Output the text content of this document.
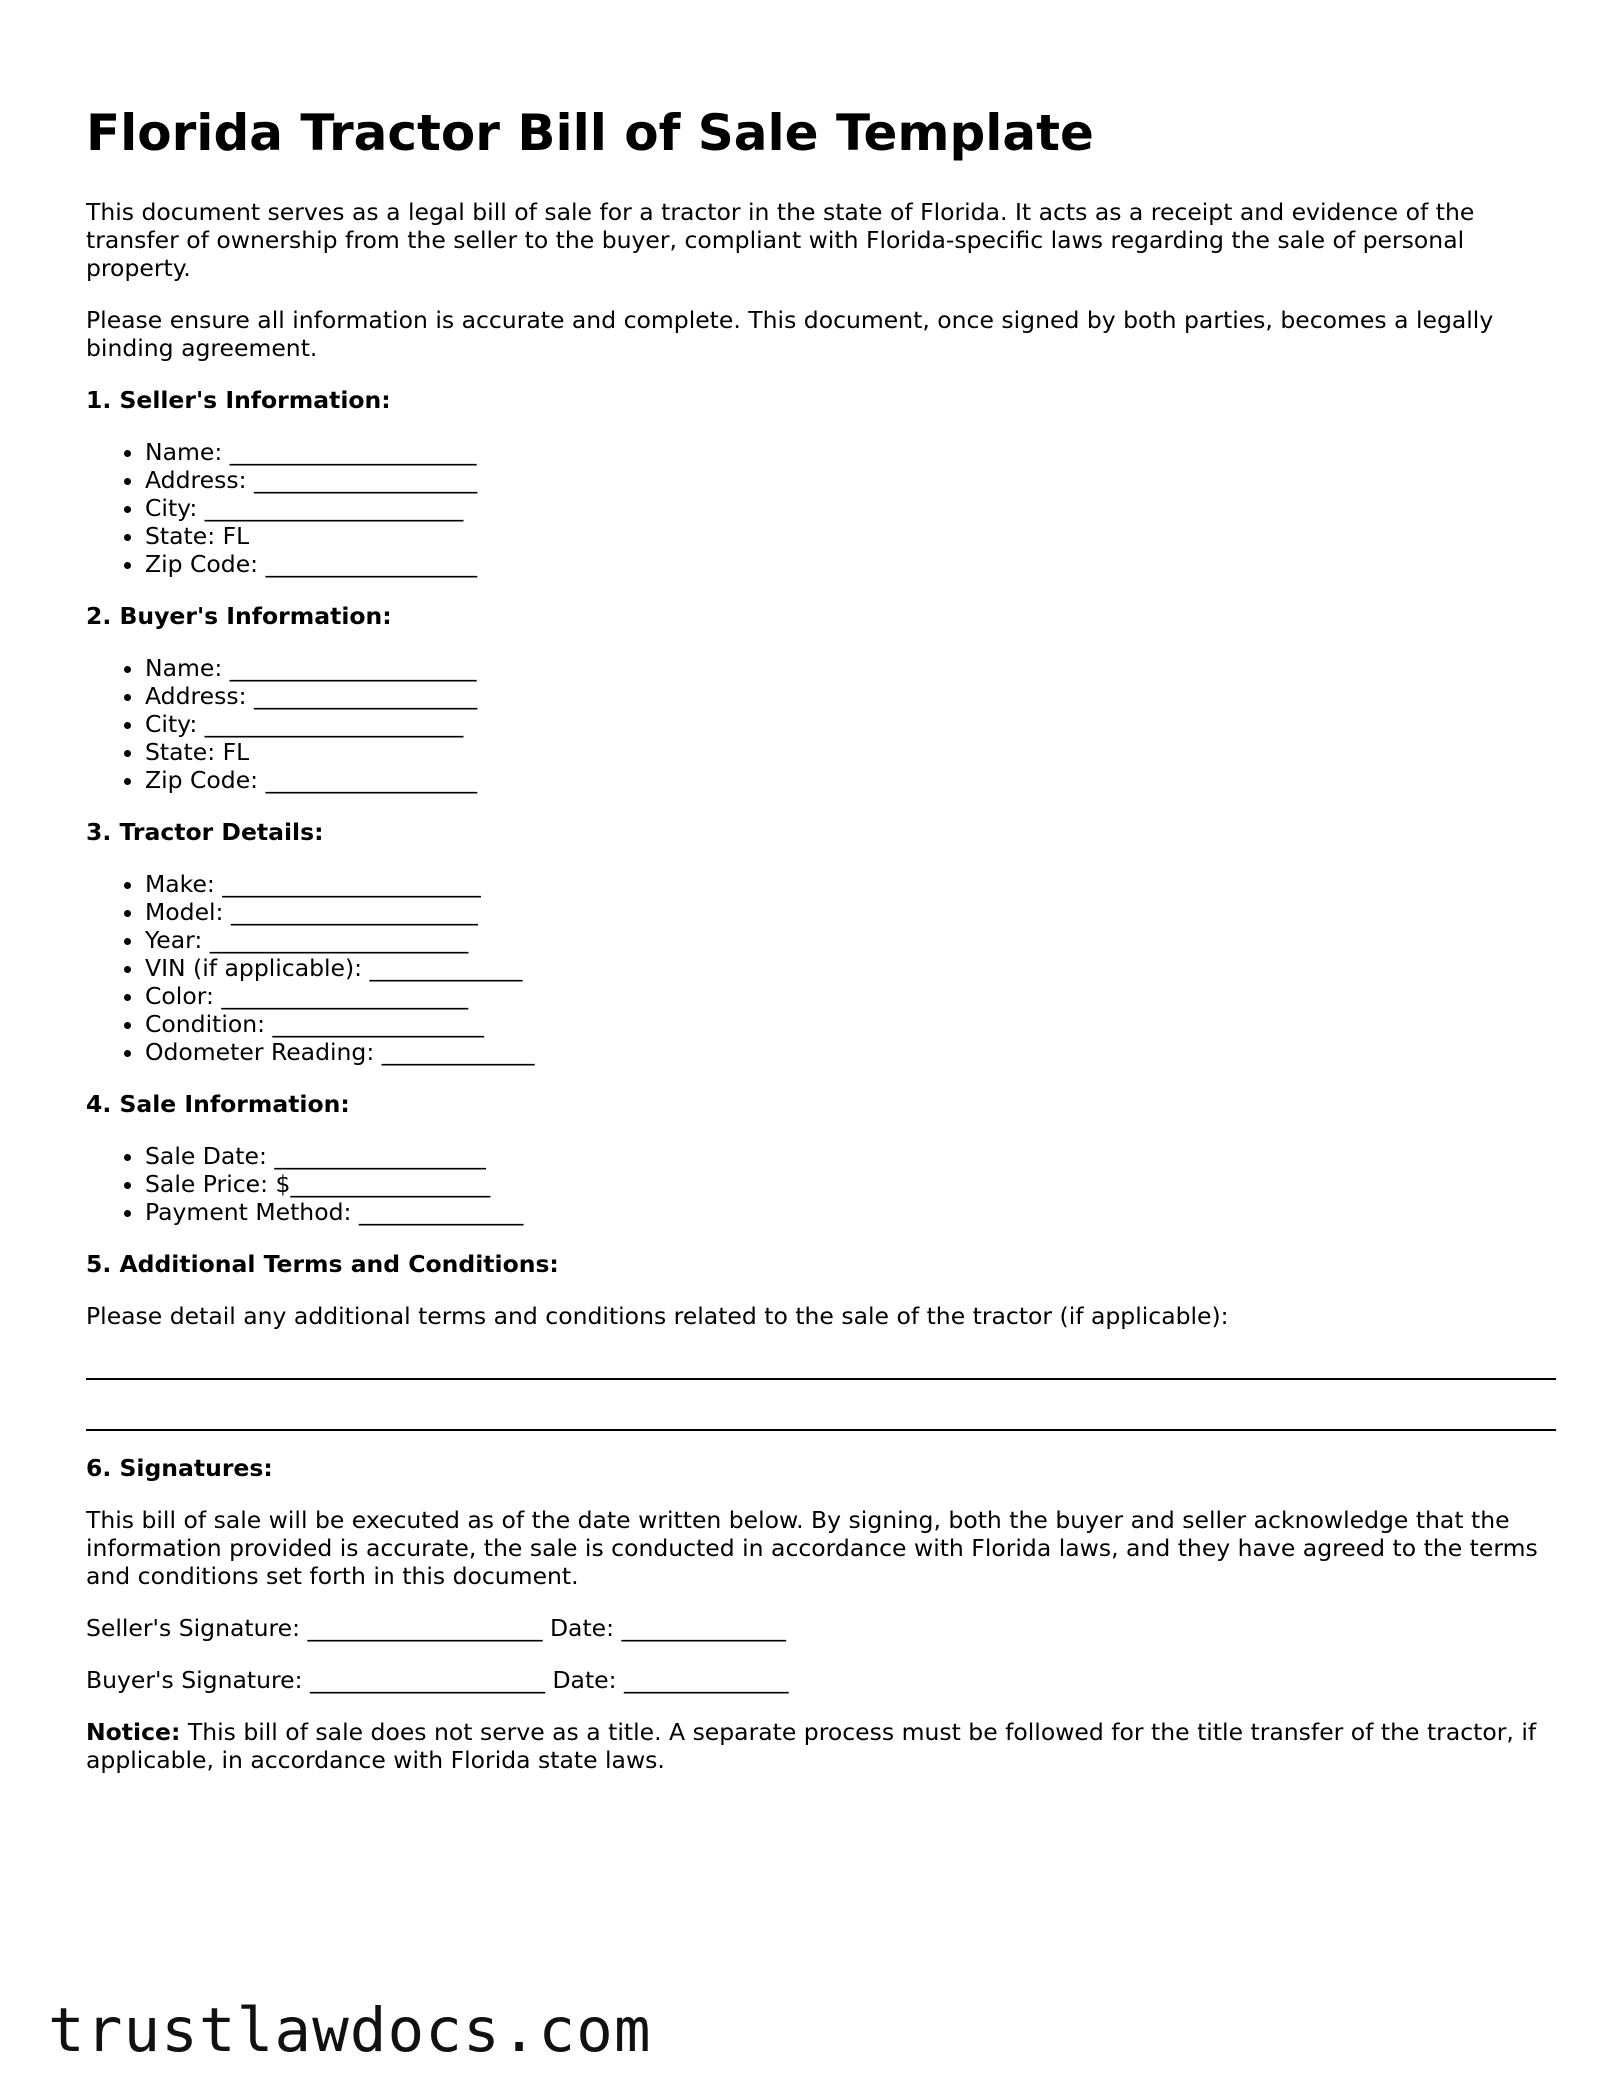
Florida Tractor Bill of Sale Template

This document serves as a legal bill of sale for a tractor in the state of Florida. It acts as a receipt and evidence of the transfer of ownership from the seller to the buyer, compliant with Florida-specific laws regarding the sale of personal property.

Please ensure all information is accurate and complete. This document, once signed by both parties, becomes a legally binding agreement.

1. Seller's Information:
• Name: _____________________
• Address: ___________________
• City: ______________________
• State: FL
• Zip Code: __________________
2. Buyer's Information:
• Name: _____________________
• Address: ___________________
• City: ______________________
• State: FL
• Zip Code: __________________
3. Tractor Details:
• Make: ______________________
• Model: _____________________
• Year: ______________________
• VIN (if applicable): _____________
• Color: _____________________
• Condition: __________________
• Odometer Reading: _____________
4. Sale Information:
• Sale Date: __________________
• Sale Price: $_________________
• Payment Method: ______________
5. Additional Terms and Conditions:

Please detail any additional terms and conditions related to the sale of the tractor (if applicable):

6. Signatures:

This bill of sale will be executed as of the date written below. By signing, both the buyer and seller acknowledge that the information provided is accurate, the sale is conducted in accordance with Florida laws, and they have agreed to the terms and conditions set forth in this document.

Seller's Signature: ____________________ Date: ______________
Buyer's Signature: ____________________ Date: ______________

Notice: This bill of sale does not serve as a title. A separate process must be followed for the title transfer of the tractor, if applicable, in accordance with Florida state laws.

trustlawdocs.com
